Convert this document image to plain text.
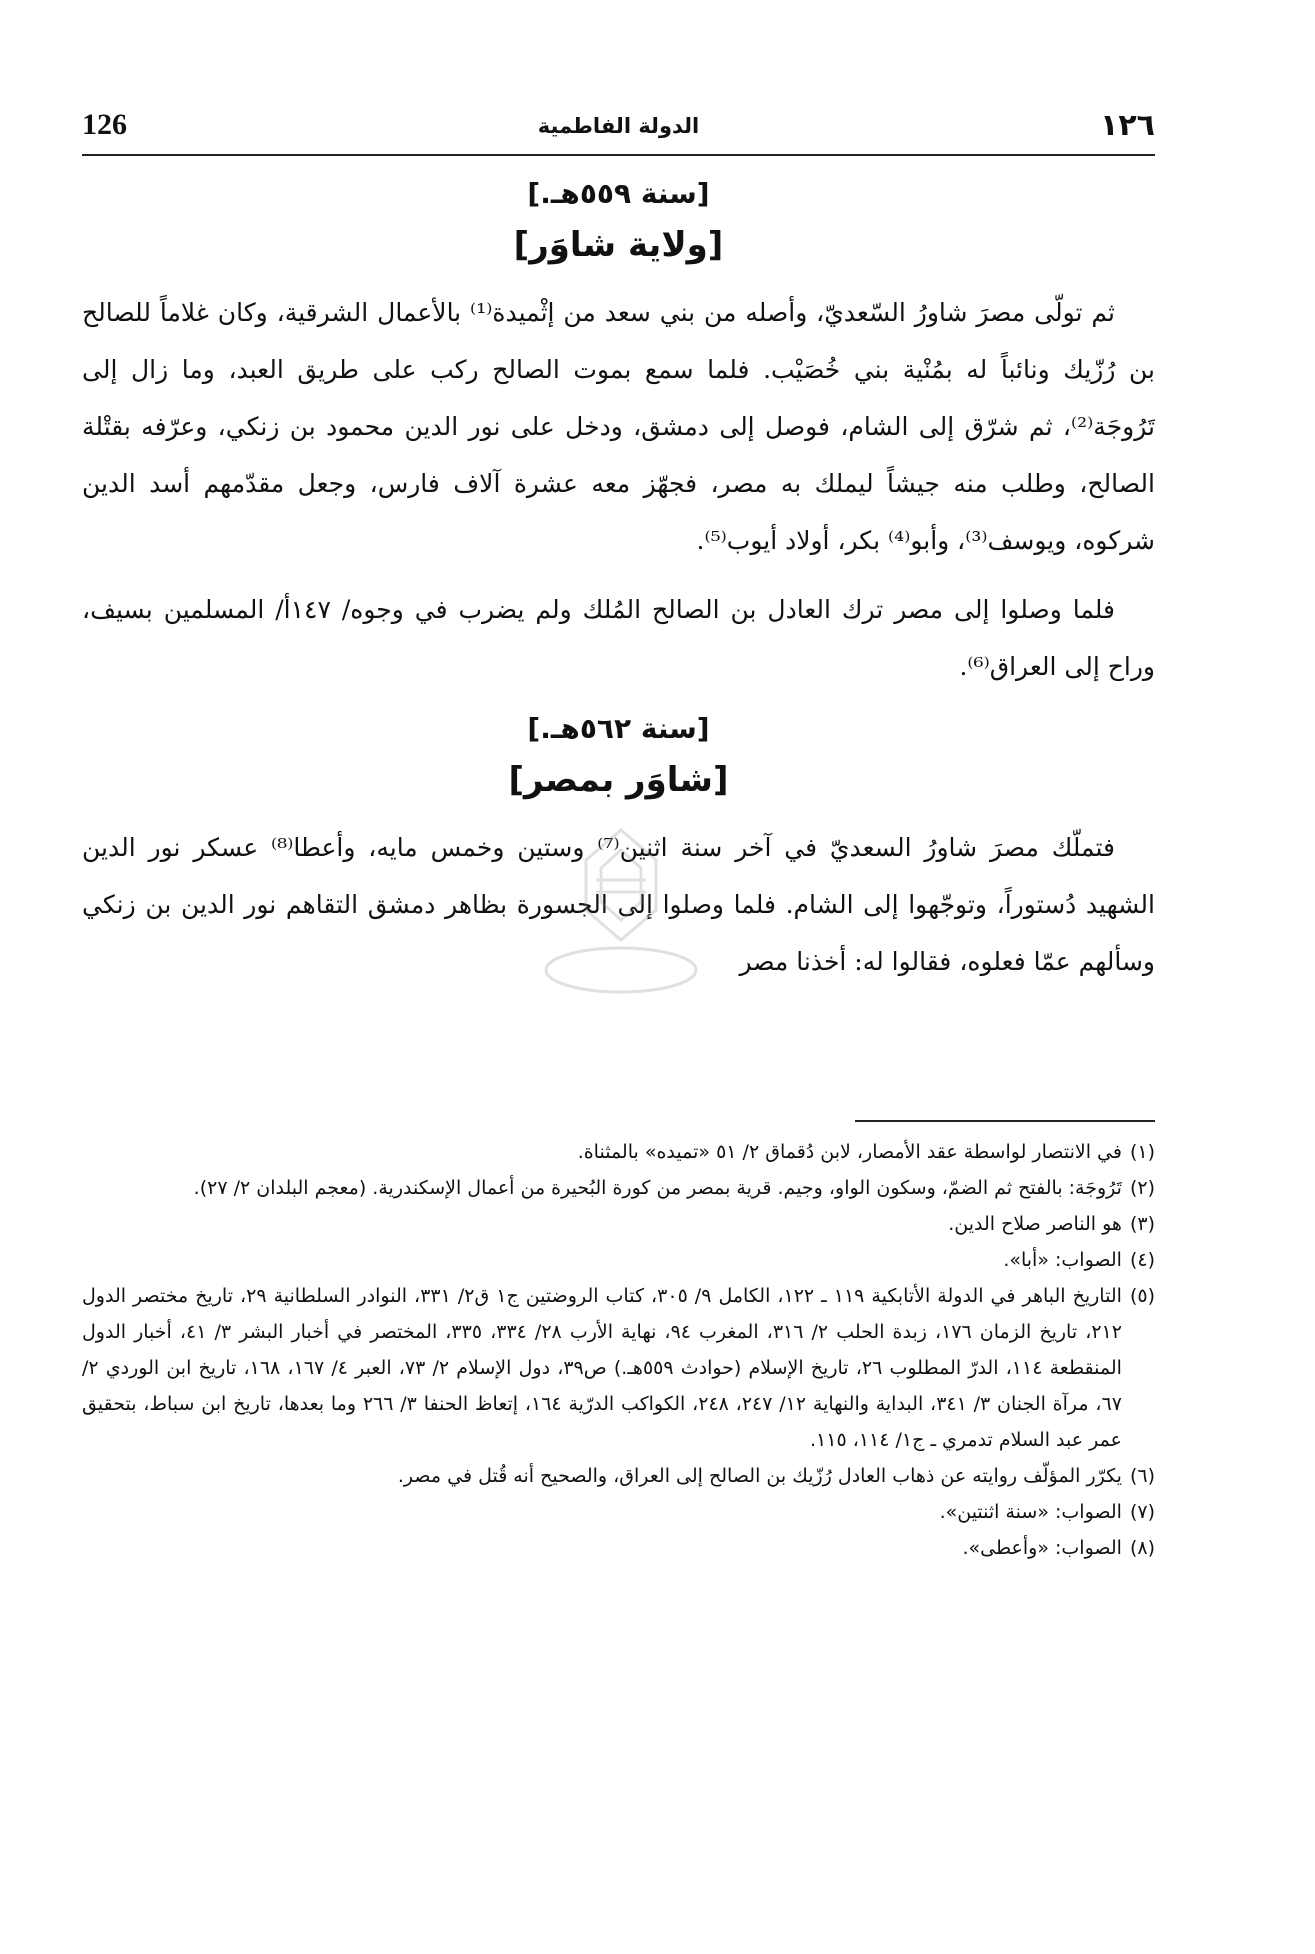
١٢٦
الدولة الفاطمية
126
[سنة ٥٥٩هـ.]
[ولاية شاوَر]

ثم تولّى مصرَ شاورُ السّعديّ، وأصله من بني سعد من إثْميدة⁽¹⁾ بالأعمال الشرقية، وكان غلاماً للصالح بن رُزّيك ونائباً له بمُنْية بني خُصَيْب. فلما سمع بموت الصالح ركب على طريق العبد، وما زال إلى تَرُوجَة⁽²⁾، ثم شرّق إلى الشام، فوصل إلى دمشق، ودخل على نور الدين محمود بن زنكي، وعرّفه بقتْلة الصالح، وطلب منه جيشاً ليملك به مصر، فجهّز معه عشرة آلاف فارس، وجعل مقدّمهم أسد الدين شركوه، ويوسف⁽³⁾، وأبو⁽⁴⁾ بكر، أولاد أيوب⁽⁵⁾.

فلما وصلوا إلى مصر ترك العادل بن الصالح المُلك ولم يضرب في وجوه/ ١٤٧أ/ المسلمين بسيف، وراح إلى العراق⁽⁶⁾.

[سنة ٥٦٢هـ.]
[شاوَر بمصر]

فتملّك مصرَ شاورُ السعديّ في آخر سنة اثنين⁽⁷⁾ وستين وخمس مايه، وأعطا⁽⁸⁾ عسكر نور الدين الشهيد دُستوراً، وتوجّهوا إلى الشام. فلما وصلوا إلى الجسورة بظاهر دمشق التقاهم نور الدين بن زنكي وسألهم عمّا فعلوه، فقالوا له: أخذنا مصر

(١)
في الانتصار لواسطة عقد الأمصار، لابن دُقماق ٢/ ٥١ «تميده» بالمثناة.
(٢)
تَرُوجَة: بالفتح ثم الضمّ، وسكون الواو، وجيم. قرية بمصر من كورة البُحيرة من أعمال الإسكندرية. (معجم البلدان ٢/ ٢٧).
(٣)
هو الناصر صلاح الدين.
(٤)
الصواب: «أبا».
(٥)
التاريخ الباهر في الدولة الأتابكية ١١٩ ـ ١٢٢، الكامل ٩/ ٣٠٥، كتاب الروضتين ج١ ق٢/ ٣٣١، النوادر السلطانية ٢٩، تاريخ مختصر الدول ٢١٢، تاريخ الزمان ١٧٦، زبدة الحلب ٢/ ٣١٦، المغرب ٩٤، نهاية الأرب ٢٨/ ٣٣٤، ٣٣٥، المختصر في أخبار البشر ٣/ ٤١، أخبار الدول المنقطعة ١١٤، الدرّ المطلوب ٢٦، تاريخ الإسلام (حوادث ٥٥٩هـ.) ص٣٩، دول الإسلام ٢/ ٧٣، العبر ٤/ ١٦٧، ١٦٨، تاريخ ابن الوردي ٢/ ٦٧، مرآة الجنان ٣/ ٣٤١، البداية والنهاية ١٢/ ٢٤٧، ٢٤٨، الكواكب الدرّية ١٦٤، إتعاظ الحنفا ٣/ ٢٦٦ وما بعدها، تاريخ ابن سباط، بتحقيق عمر عبد السلام تدمري ـ ج١/ ١١٤، ١١٥.
(٦)
يكرّر المؤلّف روايته عن ذهاب العادل رُزّيك بن الصالح إلى العراق، والصحيح أنه قُتل في مصر.
(٧)
الصواب: «سنة اثنتين».
(٨)
الصواب: «وأعطى».
